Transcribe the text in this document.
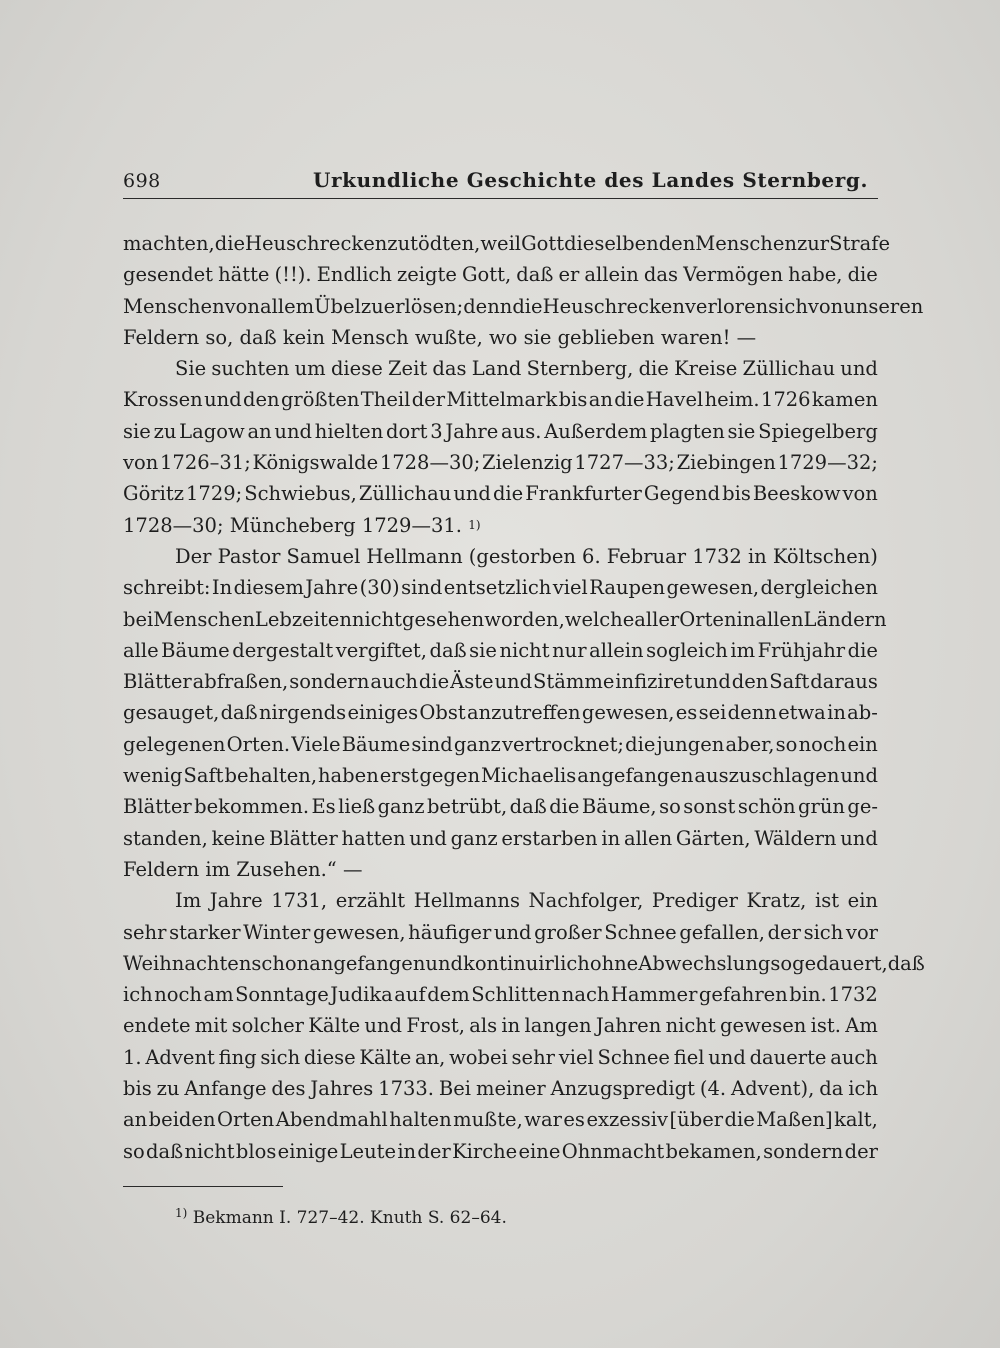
698	Urkundliche Geschichte des Landes Sternberg.
machten, die Heuschrecken zu tödten, weil Gott dieselben den Menschen zur Strafe
gesendet hätte (!!). Endlich zeigte Gott, daß er allein das Vermögen habe, die
Menschen von allem Übel zu erlösen; denn die Heuschrecken verloren sich von unseren
Feldern so, daß kein Mensch wußte, wo sie geblieben waren! —
Sie suchten um diese Zeit das Land Sternberg, die Kreise Züllichau und
Krossen und den größten Theil der Mittelmark bis an die Havel heim. 1726 kamen
sie zu Lagow an und hielten dort 3 Jahre aus. Außerdem plagten sie Spiegelberg
von 1726–31; Königswalde 1728—30; Zielenzig 1727—33; Ziebingen 1729—32;
Göritz 1729; Schwiebus, Züllichau und die Frankfurter Gegend bis Beeskow von
1728—30; Müncheberg 1729—31.
1)
Der Pastor Samuel Hellmann (gestorben 6. Februar 1732 in Költschen)
schreibt: In diesem Jahre (30) sind entsetzlich viel Raupen gewesen, dergleichen
bei Menschen Lebzeiten nicht gesehen worden, welche aller Orten in allen Ländern
alle Bäume dergestalt vergiftet, daß sie nicht nur allein sogleich im Frühjahr die
Blätter abfraßen, sondern auch die Äste und Stämme infiziret und den Saft daraus
gesauget, daß nirgends einiges Obst anzutreffen gewesen, es sei denn etwa in ab-
gelegenen Orten. Viele Bäume sind ganz vertrocknet; die jungen aber, so noch ein
wenig Saft behalten, haben erst gegen Michaelis angefangen auszuschlagen und
Blätter bekommen. Es ließ ganz betrübt, daß die Bäume, so sonst schön grün ge-
standen, keine Blätter hatten und ganz erstarben in allen Gärten, Wäldern und
Feldern im Zusehen.“ —
Im Jahre 1731, erzählt Hellmanns Nachfolger, Prediger Kratz, ist ein
sehr starker Winter gewesen, häufiger und großer Schnee gefallen, der sich vor
Weihnachten schon angefangen und kontinuirlich ohne Abwechslung so gedauert, daß
ich noch am Sonntage Judika auf dem Schlitten nach Hammer gefahren bin. 1732
endete mit solcher Kälte und Frost, als in langen Jahren nicht gewesen ist. Am
1. Advent fing sich diese Kälte an, wobei sehr viel Schnee fiel und dauerte auch
bis zu Anfange des Jahres 1733. Bei meiner Anzugspredigt (4. Advent), da ich
an beiden Orten Abendmahl halten mußte, war es exzessiv [über die Maßen] kalt,
so daß nicht blos einige Leute in der Kirche eine Ohnmacht bekamen, sondern der
$^{1)}$ Bekmann I. 727–42. Knuth S. 62–64.
